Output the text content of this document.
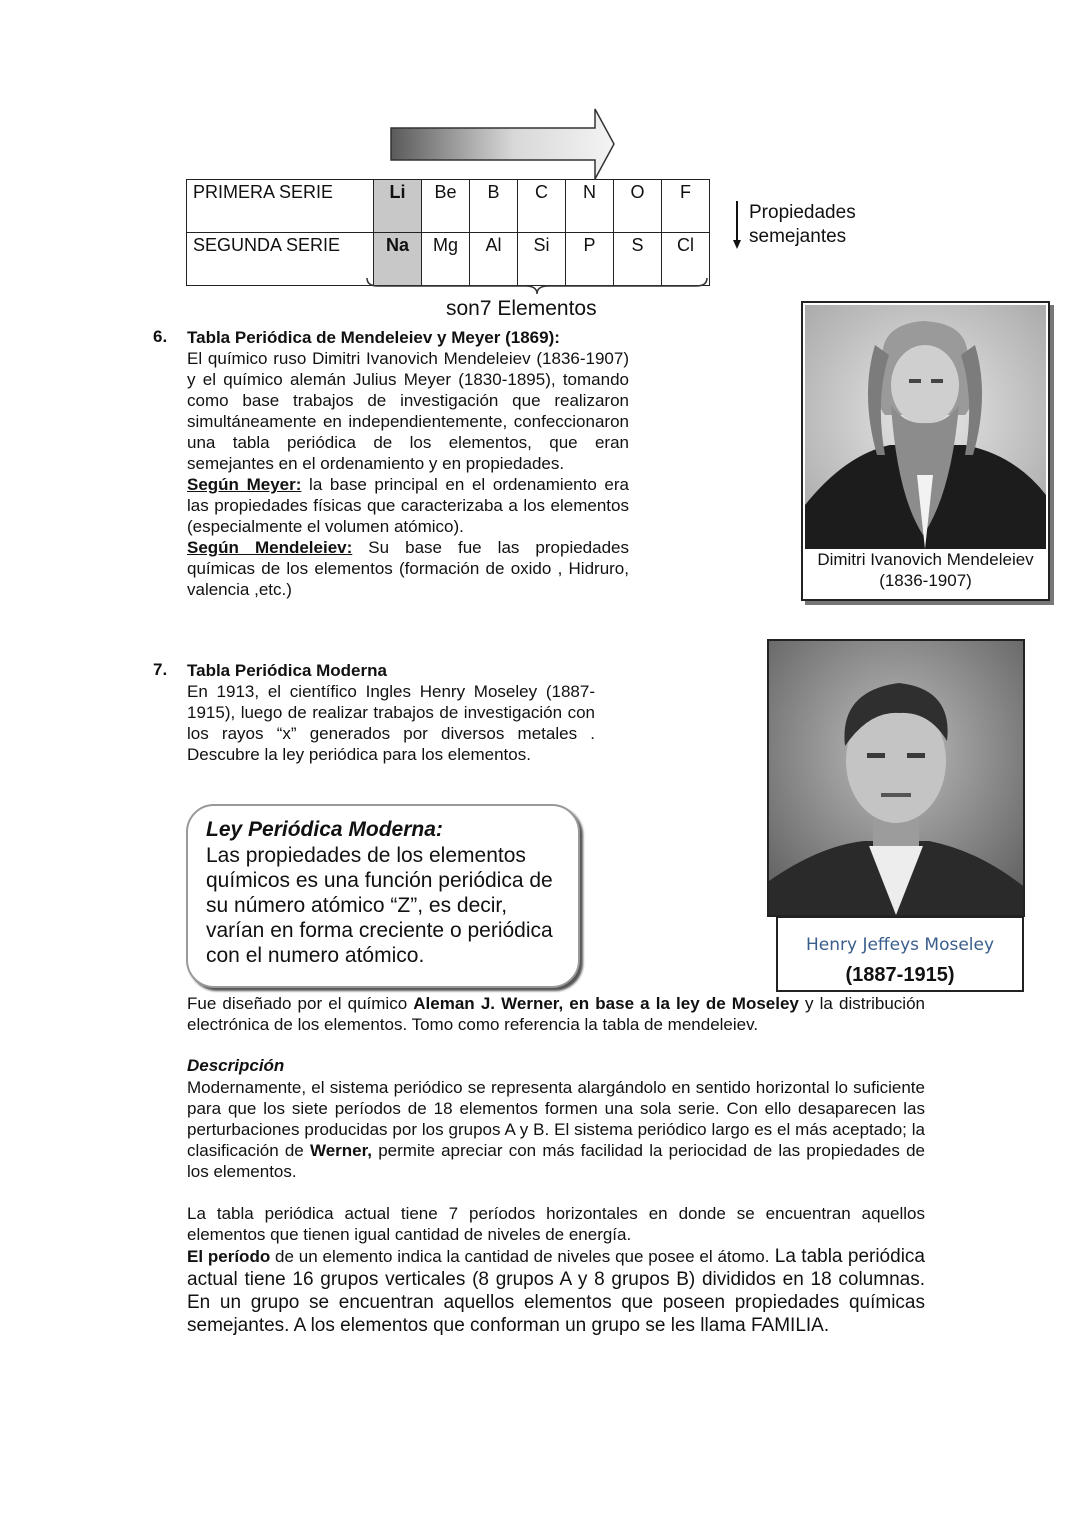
PRIMERA SERIE	Li	Be	B	C	N	O	F
SEGUNDA SERIE	Na	Mg	Al	Si	P	S	Cl
son7 Elementos
Propiedades
semejantes
6. Tabla Periódica de Mendeleiev y Meyer (1869):
El químico ruso Dimitri Ivanovich Mendeleiev (1836-1907) y el químico alemán Julius Meyer (1830-1895), tomando como base trabajos de investigación que realizaron simultáneamente en independientemente, confeccionaron una tabla periódica de los elementos, que eran semejantes en el ordenamiento y en propiedades.
Según Meyer: la base principal en el ordenamiento era las propiedades físicas que caracterizaba a los elementos (especialmente el volumen atómico).
Según Mendeleiev: Su base fue las propiedades químicas de los elementos (formación de oxido , Hidruro, valencia ,etc.)
Dimitri Ivanovich Mendeleiev
(1836-1907)
7. Tabla Periódica Moderna
En 1913, el científico Ingles Henry Moseley (1887-1915), luego de realizar trabajos de investigación con los rayos “x” generados por diversos metales . Descubre la ley periódica para los elementos.
Henry Jeffeys Moseley
(1887-1915)
Ley Periódica Moderna:
Las propiedades de los elementos químicos es una función periódica de su número atómico “Z”, es decir, varían en forma creciente o periódica con el numero atómico.
Fue diseñado por el químico Aleman J. Werner, en base a la ley de Moseley y la distribución electrónica de los elementos. Tomo como referencia la tabla de mendeleiev.
Descripción
Modernamente, el sistema periódico se representa alargándolo en sentido horizontal lo suficiente para que los siete períodos de 18 elementos formen una sola serie. Con ello desaparecen las perturbaciones producidas por los grupos A y B. El sistema periódico largo es el más aceptado; la clasificación de Werner, permite apreciar con más facilidad la periocidad de las propiedades de los elementos.
La tabla periódica actual tiene 7 períodos horizontales en donde se encuentran aquellos elementos que tienen igual cantidad de niveles de energía.
El período de un elemento indica la cantidad de niveles que posee el átomo. La tabla periódica actual tiene 16 grupos verticales (8 grupos A y 8 grupos B) divididos en 18 columnas. En un grupo se encuentran aquellos elementos que poseen propiedades químicas semejantes. A los elementos que conforman un grupo se les llama FAMILIA.
